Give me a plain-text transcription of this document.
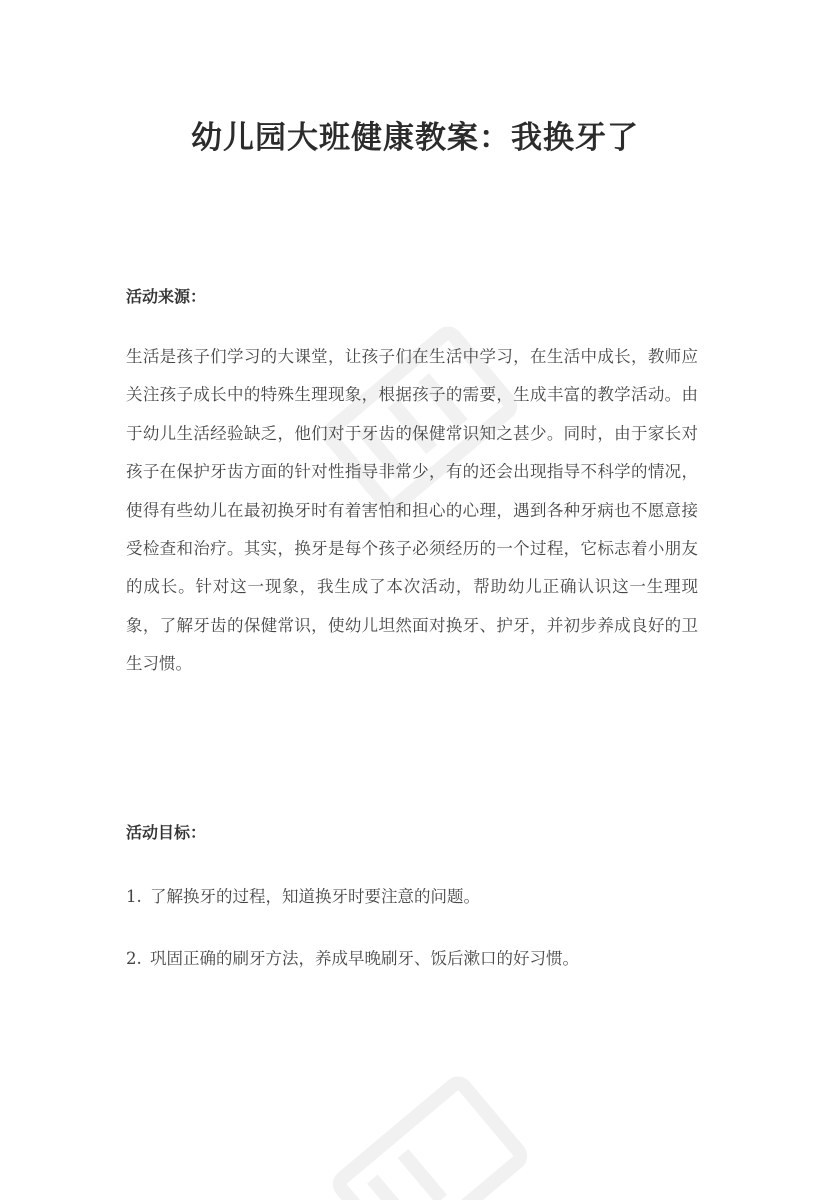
幼儿园大班健康教案：我换牙了
活动来源：

生活是孩子们学习的大课堂，让孩子们在生活中学习，在生活中成长，教师应关注孩子成长中的特殊生理现象，根据孩子的需要，生成丰富的教学活动。由于幼儿生活经验缺乏，他们对于牙齿的保健常识知之甚少。同时，由于家长对孩子在保护牙齿方面的针对性指导非常少，有的还会出现指导不科学的情况，使得有些幼儿在最初换牙时有着害怕和担心的心理，遇到各种牙病也不愿意接受检查和治疗。其实，换牙是每个孩子必须经历的一个过程，它标志着小朋友的成长。针对这一现象，我生成了本次活动，帮助幼儿正确认识这一生理现象，了解牙齿的保健常识，使幼儿坦然面对换牙、护牙，并初步养成良好的卫生习惯。

活动目标：

1. 了解换牙的过程，知道换牙时要注意的问题。

2. 巩固正确的刷牙方法，养成早晚刷牙、饭后漱口的好习惯。
